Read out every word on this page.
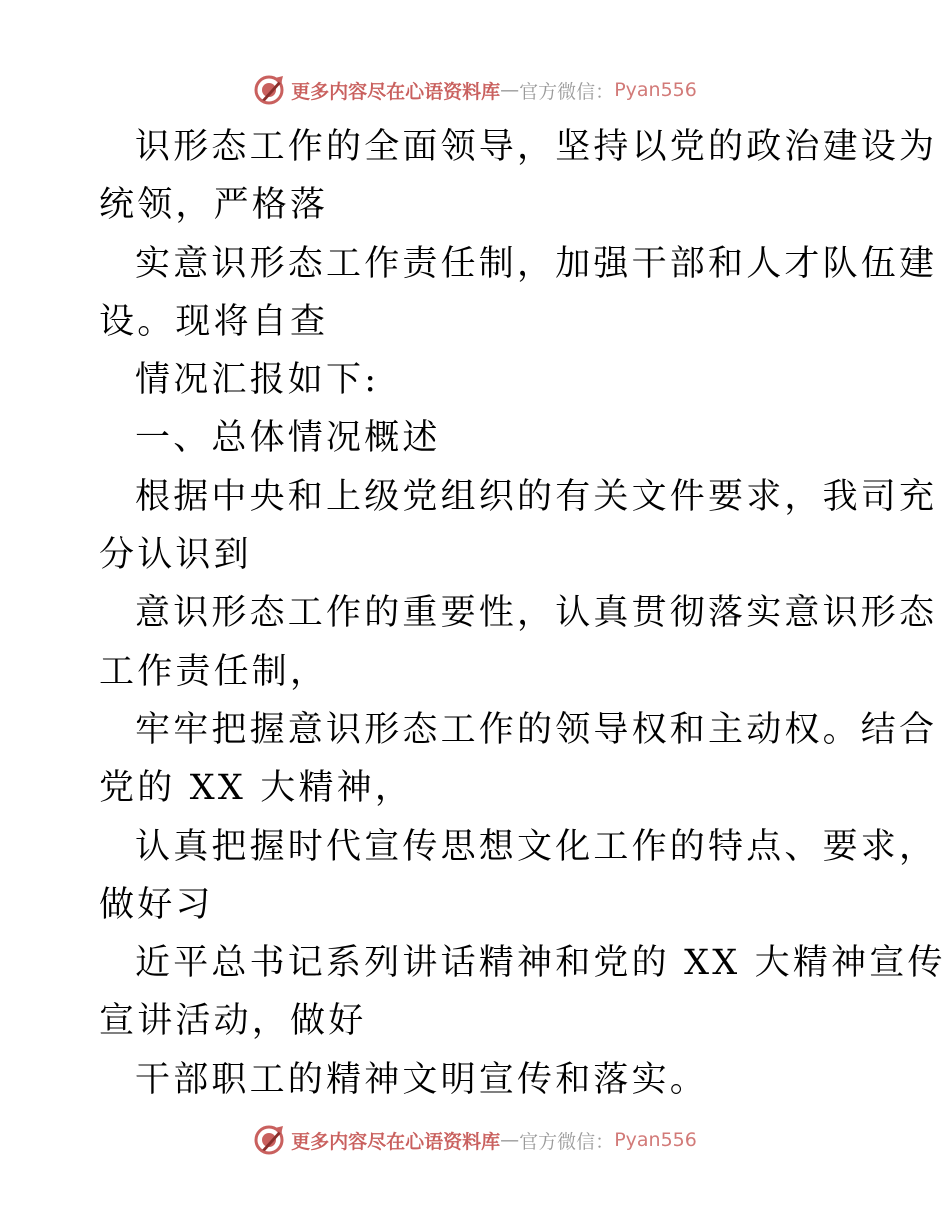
更多内容尽在心语资料库 — 官方微信： Pyan556
识形态工作的全面领导，坚持以党的政治建设为
统领，严格落
实意识形态工作责任制，加强干部和人才队伍建
设。现将自查
情况汇报如下:
一、总体情况概述
根据中央和上级党组织的有关文件要求，我司充
分认识到
意识形态工作的重要性，认真贯彻落实意识形态
工作责任制，
牢牢把握意识形态工作的领导权和主动权。结合
党的 XX 大精神，
认真把握时代宣传思想文化工作的特点、要求，
做好习
近平总书记系列讲话精神和党的 XX 大精神宣传
宣讲活动，做好
干部职工的精神文明宣传和落实。
更多内容尽在心语资料库 — 官方微信： Pyan556
